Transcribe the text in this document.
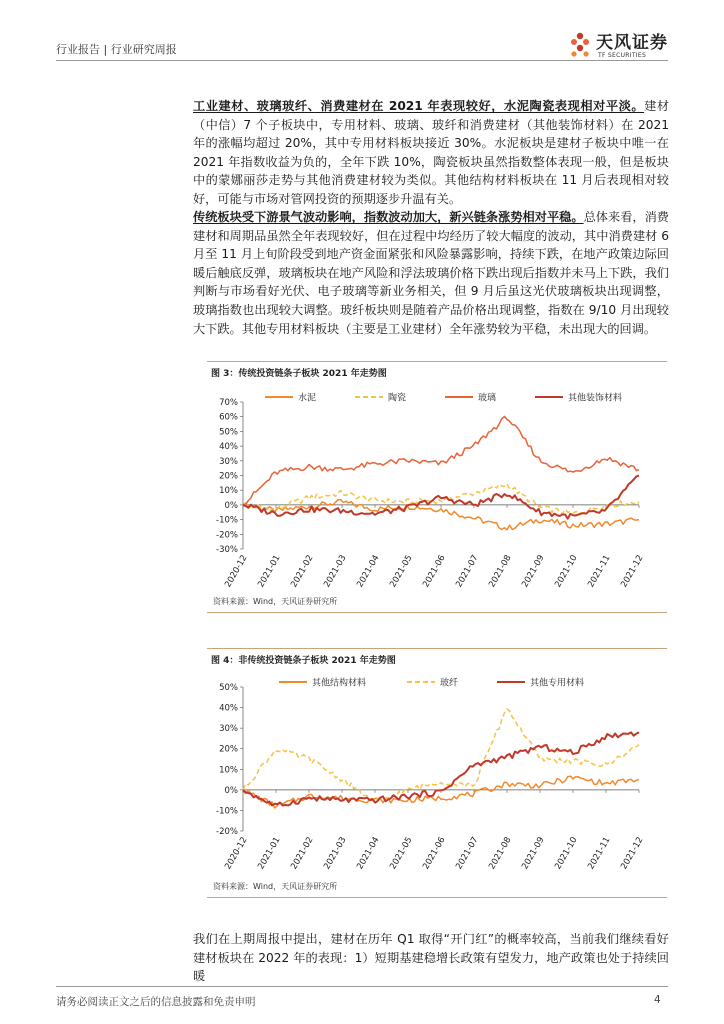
行业报告 | 行业研究周报	天风证券
TF SECURITIES
工业建材、玻璃玻纤、消费建材在 2021 年表现较好，水泥陶瓷表现相对平淡。建材（中信）7 个子板块中，专用材料、玻璃、玻纤和消费建材（其他装饰材料）在 2021 年的涨幅均超过 20%，其中专用材料板块接近 30%。水泥板块是建材子板块中唯一在 2021 年指数收益为负的，全年下跌 10%，陶瓷板块虽然指数整体表现一般，但是板块中的蒙娜丽莎走势与其他消费建材较为类似。其他结构材料板块在 11 月后表现相对较好，可能与市场对管网投资的预期逐步升温有关。
传统板块受下游景气波动影响，指数波动加大，新兴链条涨势相对平稳。总体来看，消费建材和周期品虽然全年表现较好，但在过程中均经历了较大幅度的波动，其中消费建材 6 月至 11 月上旬阶段受到地产资金面紧张和风险暴露影响，持续下跌，在地产政策边际回暖后触底反弹，玻璃板块在地产风险和浮法玻璃价格下跌出现后指数并未马上下跌，我们判断与市场看好光伏、电子玻璃等新业务相关，但 9 月后虽这光伏玻璃板块出现调整，玻璃指数也出现较大调整。玻纤板块则是随着产品价格出现调整，指数在 9/10 月出现较大下跌。其他专用材料板块（主要是工业建材）全年涨势较为平稳，未出现大的回调。
图 3：传统投资链条子板块 2021 年走势图
-30%
-20%
-10%
0%
10%
20%
30%
40%
50%
60%
70%
2020-12 2021-01 2021-02 2021-03 2021-04 2021-05 2021-06 2021-07 2021-08 2021-09 2021-10 2021-11 2021-12
水泥	陶瓷	玻璃	其他装饰材料
资料来源：Wind，天风证券研究所
图 4：非传统投资链条子板块 2021 年走势图
-20%
-10%
0%
10%
20%
30%
40%
50%
2020-12 2021-01 2021-02 2021-03 2021-04 2021-05 2021-06 2021-07 2021-08 2021-09 2021-10 2021-11 2021-12
其他结构材料	玻纤	其他专用材料
资料来源：Wind，天风证券研究所
我们在上期周报中提出，建材在历年 Q1 取得“开门红”的概率较高，当前我们继续看好建材板块在 2022 年的表现：1）短期基建稳增长政策有望发力，地产政策也处于持续回暖
请务必阅读正文之后的信息披露和免责申明	4
